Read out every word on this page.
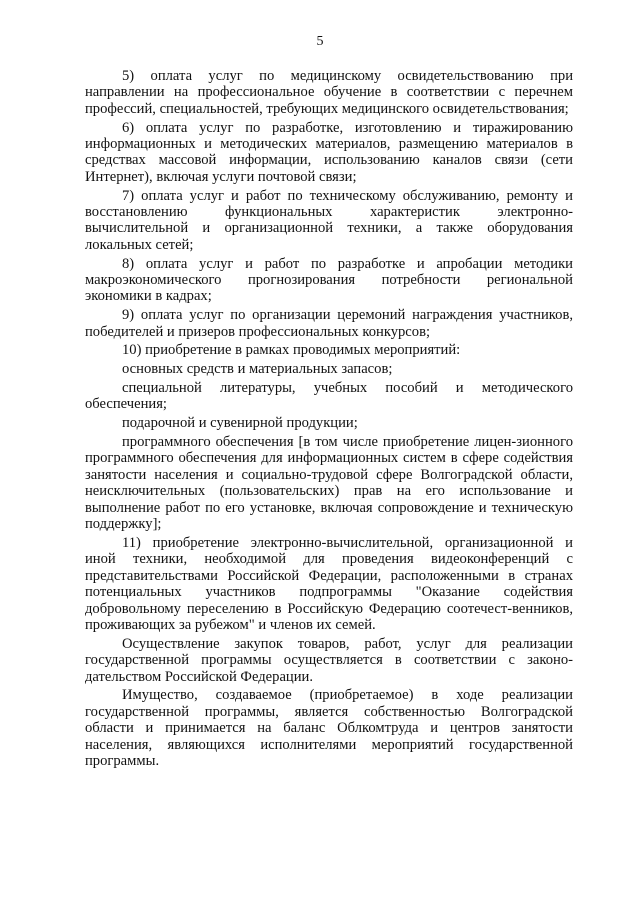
5

5) оплата услуг по медицинскому освидетельствованию при направлении на профессиональное обучение в соответствии с перечнем профессий, специальностей, требующих медицинского освидетельствования;

6) оплата услуг по разработке, изготовлению и тиражированию информационных и методических материалов, размещению материалов в средствах массовой информации, использованию каналов связи (сети Интернет), включая услуги почтовой связи;

7) оплата услуг и работ по техническому обслуживанию, ремонту и восстановлению функциональных характеристик электронно-вычислительной и организационной техники, а также оборудования локальных сетей;

8) оплата услуг и работ по разработке и апробации методики макроэкономического прогнозирования потребности региональной экономики в кадрах;

9) оплата услуг по организации церемоний награждения участников, победителей и призеров профессиональных конкурсов;

10) приобретение в рамках проводимых мероприятий:

основных средств и материальных запасов;

специальной литературы, учебных пособий и методического обеспечения;

подарочной и сувенирной продукции;

программного обеспечения [в том числе приобретение лицен-зионного программного обеспечения для информационных систем в сфере содействия занятости населения и социально-трудовой сфере Волгоградской области, неисключительных (пользовательских) прав на его использование и выполнение работ по его установке, включая сопровождение и техническую поддержку];

11) приобретение электронно-вычислительной, организационной и иной техники, необходимой для проведения видеоконференций с представительствами Российской Федерации, расположенными в странах потенциальных участников подпрограммы "Оказание содействия добровольному переселению в Российскую Федерацию соотечест-венников, проживающих за рубежом" и членов их семей.

Осуществление закупок товаров, работ, услуг для реализации государственной программы осуществляется в соответствии с законо-дательством Российской Федерации.

Имущество, создаваемое (приобретаемое) в ходе реализации государственной программы, является собственностью Волгоградской области и принимается на баланс Облкомтруда и центров занятости населения, являющихся исполнителями мероприятий государственной программы.
